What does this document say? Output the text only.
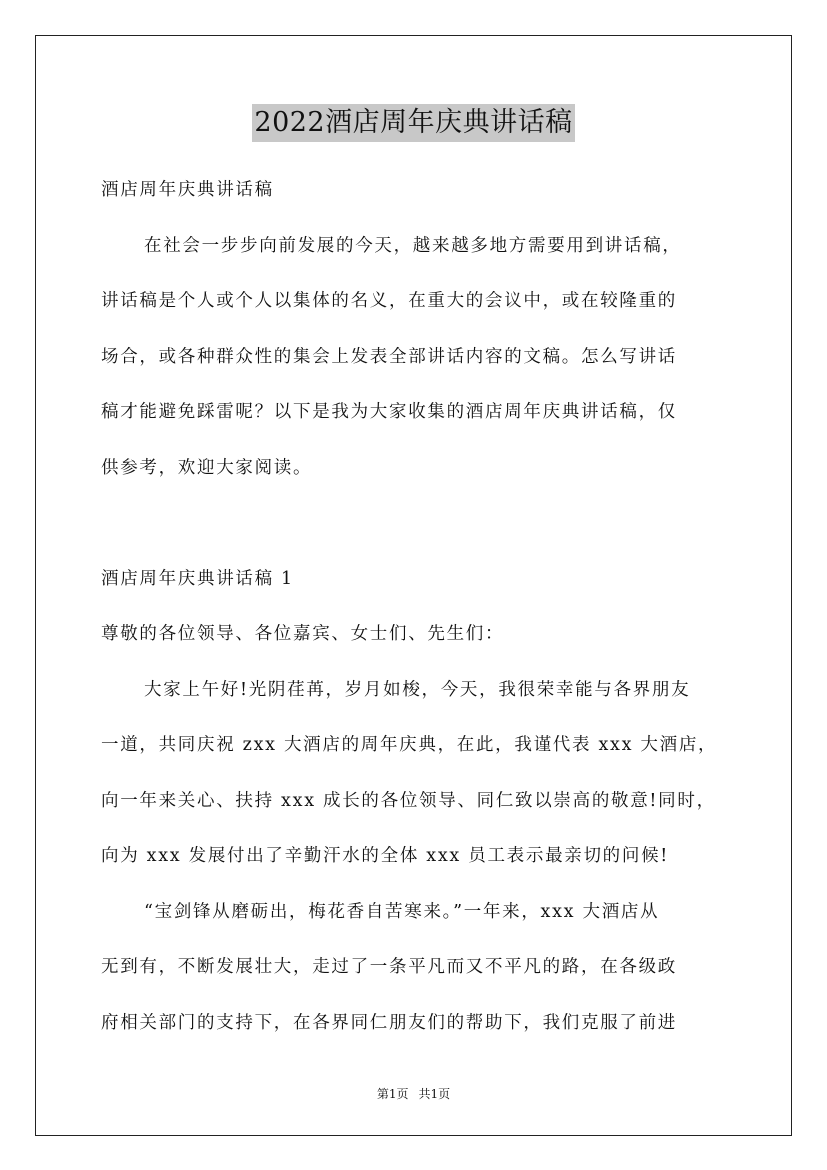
2022酒店周年庆典讲话稿

酒店周年庆典讲话稿

在社会一步步向前发展的今天，越来越多地方需要用到讲话稿，

讲话稿是个人或个人以集体的名义，在重大的会议中，或在较隆重的

场合，或各种群众性的集会上发表全部讲话内容的文稿。怎么写讲话

稿才能避免踩雷呢？以下是我为大家收集的酒店周年庆典讲话稿，仅

供参考，欢迎大家阅读。

酒店周年庆典讲话稿 1

尊敬的各位领导、各位嘉宾、女士们、先生们：

大家上午好!光阴荏苒，岁月如梭，今天，我很荣幸能与各界朋友

一道，共同庆祝 zxx 大酒店的周年庆典，在此，我谨代表 xxx 大酒店，

向一年来关心、扶持 xxx 成长的各位领导、同仁致以崇高的敬意!同时，

向为 xxx 发展付出了辛勤汗水的全体 xxx 员工表示最亲切的问候!

“宝剑锋从磨砺出，梅花香自苦寒来。”一年来，xxx 大酒店从

无到有，不断发展壮大，走过了一条平凡而又不平凡的路，在各级政

府相关部门的支持下，在各界同仁朋友们的帮助下，我们克服了前进

第1页 共1页
